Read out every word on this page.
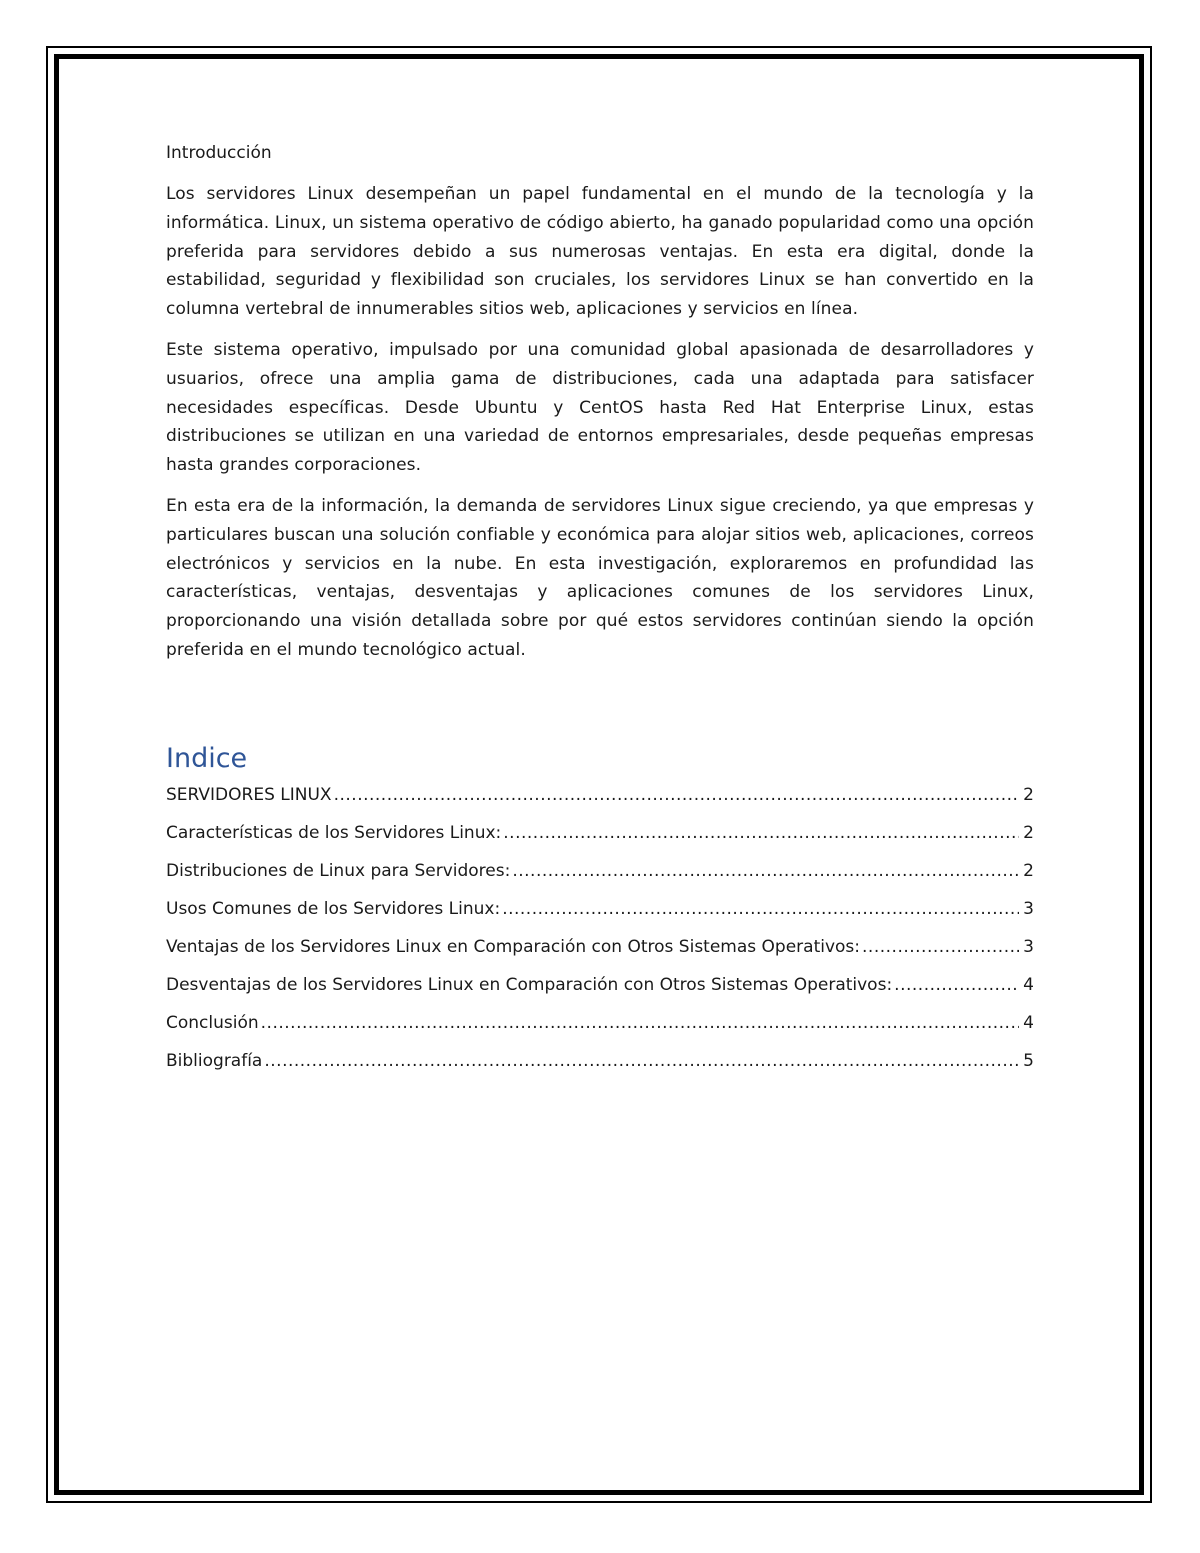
Introducción

Los servidores Linux desempeñan un papel fundamental en el mundo de la tecnología y la informática. Linux, un sistema operativo de código abierto, ha ganado popularidad como una opción preferida para servidores debido a sus numerosas ventajas. En esta era digital, donde la estabilidad, seguridad y flexibilidad son cruciales, los servidores Linux se han convertido en la columna vertebral de innumerables sitios web, aplicaciones y servicios en línea.

Este sistema operativo, impulsado por una comunidad global apasionada de desarrolladores y usuarios, ofrece una amplia gama de distribuciones, cada una adaptada para satisfacer necesidades específicas. Desde Ubuntu y CentOS hasta Red Hat Enterprise Linux, estas distribuciones se utilizan en una variedad de entornos empresariales, desde pequeñas empresas hasta grandes corporaciones.

En esta era de la información, la demanda de servidores Linux sigue creciendo, ya que empresas y particulares buscan una solución confiable y económica para alojar sitios web, aplicaciones, correos electrónicos y servicios en la nube. En esta investigación, exploraremos en profundidad las características, ventajas, desventajas y aplicaciones comunes de los servidores Linux, proporcionando una visión detallada sobre por qué estos servidores continúan siendo la opción preferida en el mundo tecnológico actual.

Indice
SERVIDORES LINUX .....	2
Características de los Servidores Linux: .....	2
Distribuciones de Linux para Servidores: .....	2
Usos Comunes de los Servidores Linux: .....	3
Ventajas de los Servidores Linux en Comparación con Otros Sistemas Operativos: .....	3
Desventajas de los Servidores Linux en Comparación con Otros Sistemas Operativos: .....	4
Conclusión .....	4
Bibliografía .....	5
